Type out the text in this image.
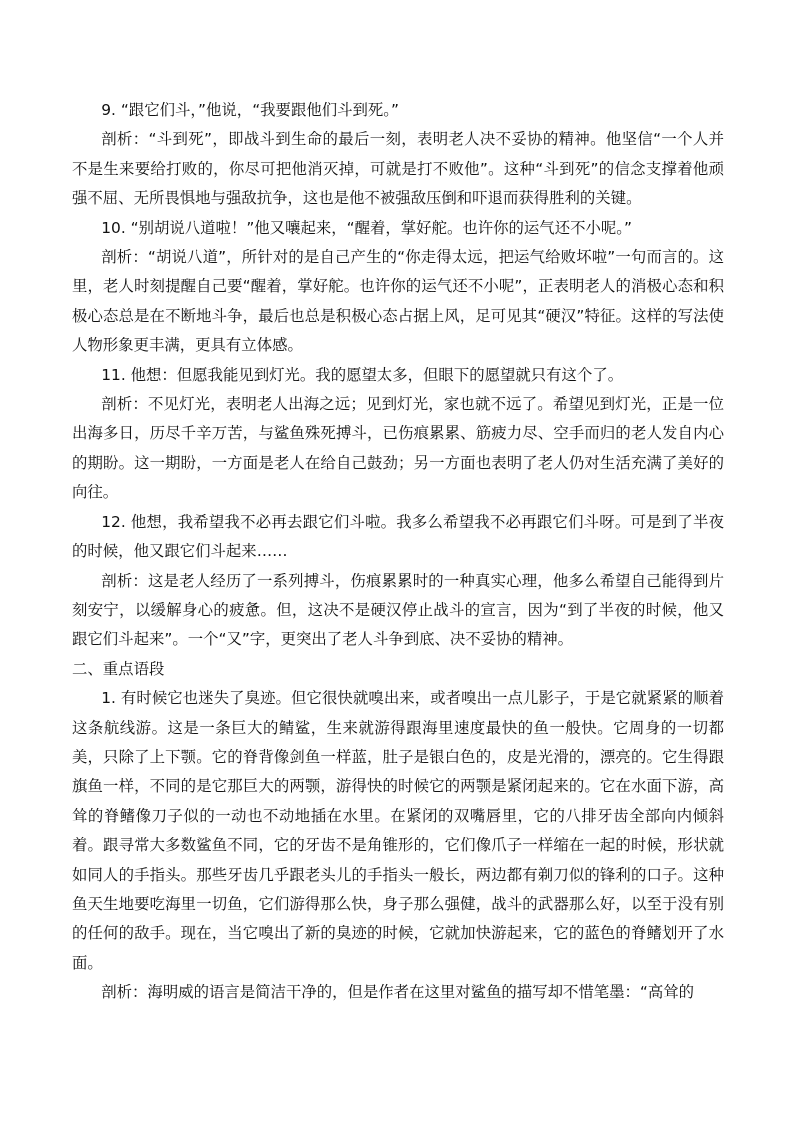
9. “跟它们斗，”他说，“我要跟他们斗到死。”

剖析：“斗到死”，即战斗到生命的最后一刻，表明老人决不妥协的精神。他坚信“一个人并不是生来要给打败的，你尽可把他消灭掉，可就是打不败他”。这种“斗到死”的信念支撑着他顽强不屈、无所畏惧地与强敌抗争，这也是他不被强敌压倒和吓退而获得胜利的关键。

10. “别胡说八道啦！”他又嚷起来，“醒着，掌好舵。也许你的运气还不小呢。”

剖析：“胡说八道”，所针对的是自己产生的“你走得太远，把运气给败坏啦”一句而言的。这里，老人时刻提醒自己要“醒着，掌好舵。也许你的运气还不小呢”，正表明老人的消极心态和积极心态总是在不断地斗争，最后也总是积极心态占据上风，足可见其“硬汉”特征。这样的写法使人物形象更丰满，更具有立体感。

11. 他想：但愿我能见到灯光。我的愿望太多，但眼下的愿望就只有这个了。

剖析：不见灯光，表明老人出海之远；见到灯光，家也就不远了。希望见到灯光，正是一位出海多日，历尽千辛万苦，与鲨鱼殊死搏斗，已伤痕累累、筋疲力尽、空手而归的老人发自内心的期盼。这一期盼，一方面是老人在给自己鼓劲；另一方面也表明了老人仍对生活充满了美好的向往。

12. 他想，我希望我不必再去跟它们斗啦。我多么希望我不必再跟它们斗呀。可是到了半夜的时候，他又跟它们斗起来……

剖析：这是老人经历了一系列搏斗，伤痕累累时的一种真实心理，他多么希望自己能得到片刻安宁，以缓解身心的疲惫。但，这决不是硬汉停止战斗的宣言，因为“到了半夜的时候，他又跟它们斗起来”。一个“又”字，更突出了老人斗争到底、决不妥协的精神。

二、重点语段

1. 有时候它也迷失了臭迹。但它很快就嗅出来，或者嗅出一点儿影子，于是它就紧紧的顺着这条航线游。这是一条巨大的鲭鲨，生来就游得跟海里速度最快的鱼一般快。它周身的一切都美，只除了上下颚。它的脊背像剑鱼一样蓝，肚子是银白色的，皮是光滑的，漂亮的。它生得跟旗鱼一样，不同的是它那巨大的两颚，游得快的时候它的两颚是紧闭起来的。它在水面下游，高耸的脊鳍像刀子似的一动也不动地插在水里。在紧闭的双嘴唇里，它的八排牙齿全部向内倾斜着。跟寻常大多数鲨鱼不同，它的牙齿不是角锥形的，它们像爪子一样缩在一起的时候，形状就如同人的手指头。那些牙齿几乎跟老头儿的手指头一般长，两边都有剃刀似的锋利的口子。这种鱼天生地要吃海里一切鱼，它们游得那么快，身子那么强健，战斗的武器那么好，以至于没有别的任何的敌手。现在，当它嗅出了新的臭迹的时候，它就加快游起来，它的蓝色的脊鳍划开了水面。

剖析：海明威的语言是简洁干净的，但是作者在这里对鲨鱼的描写却不惜笔墨：“高耸的
